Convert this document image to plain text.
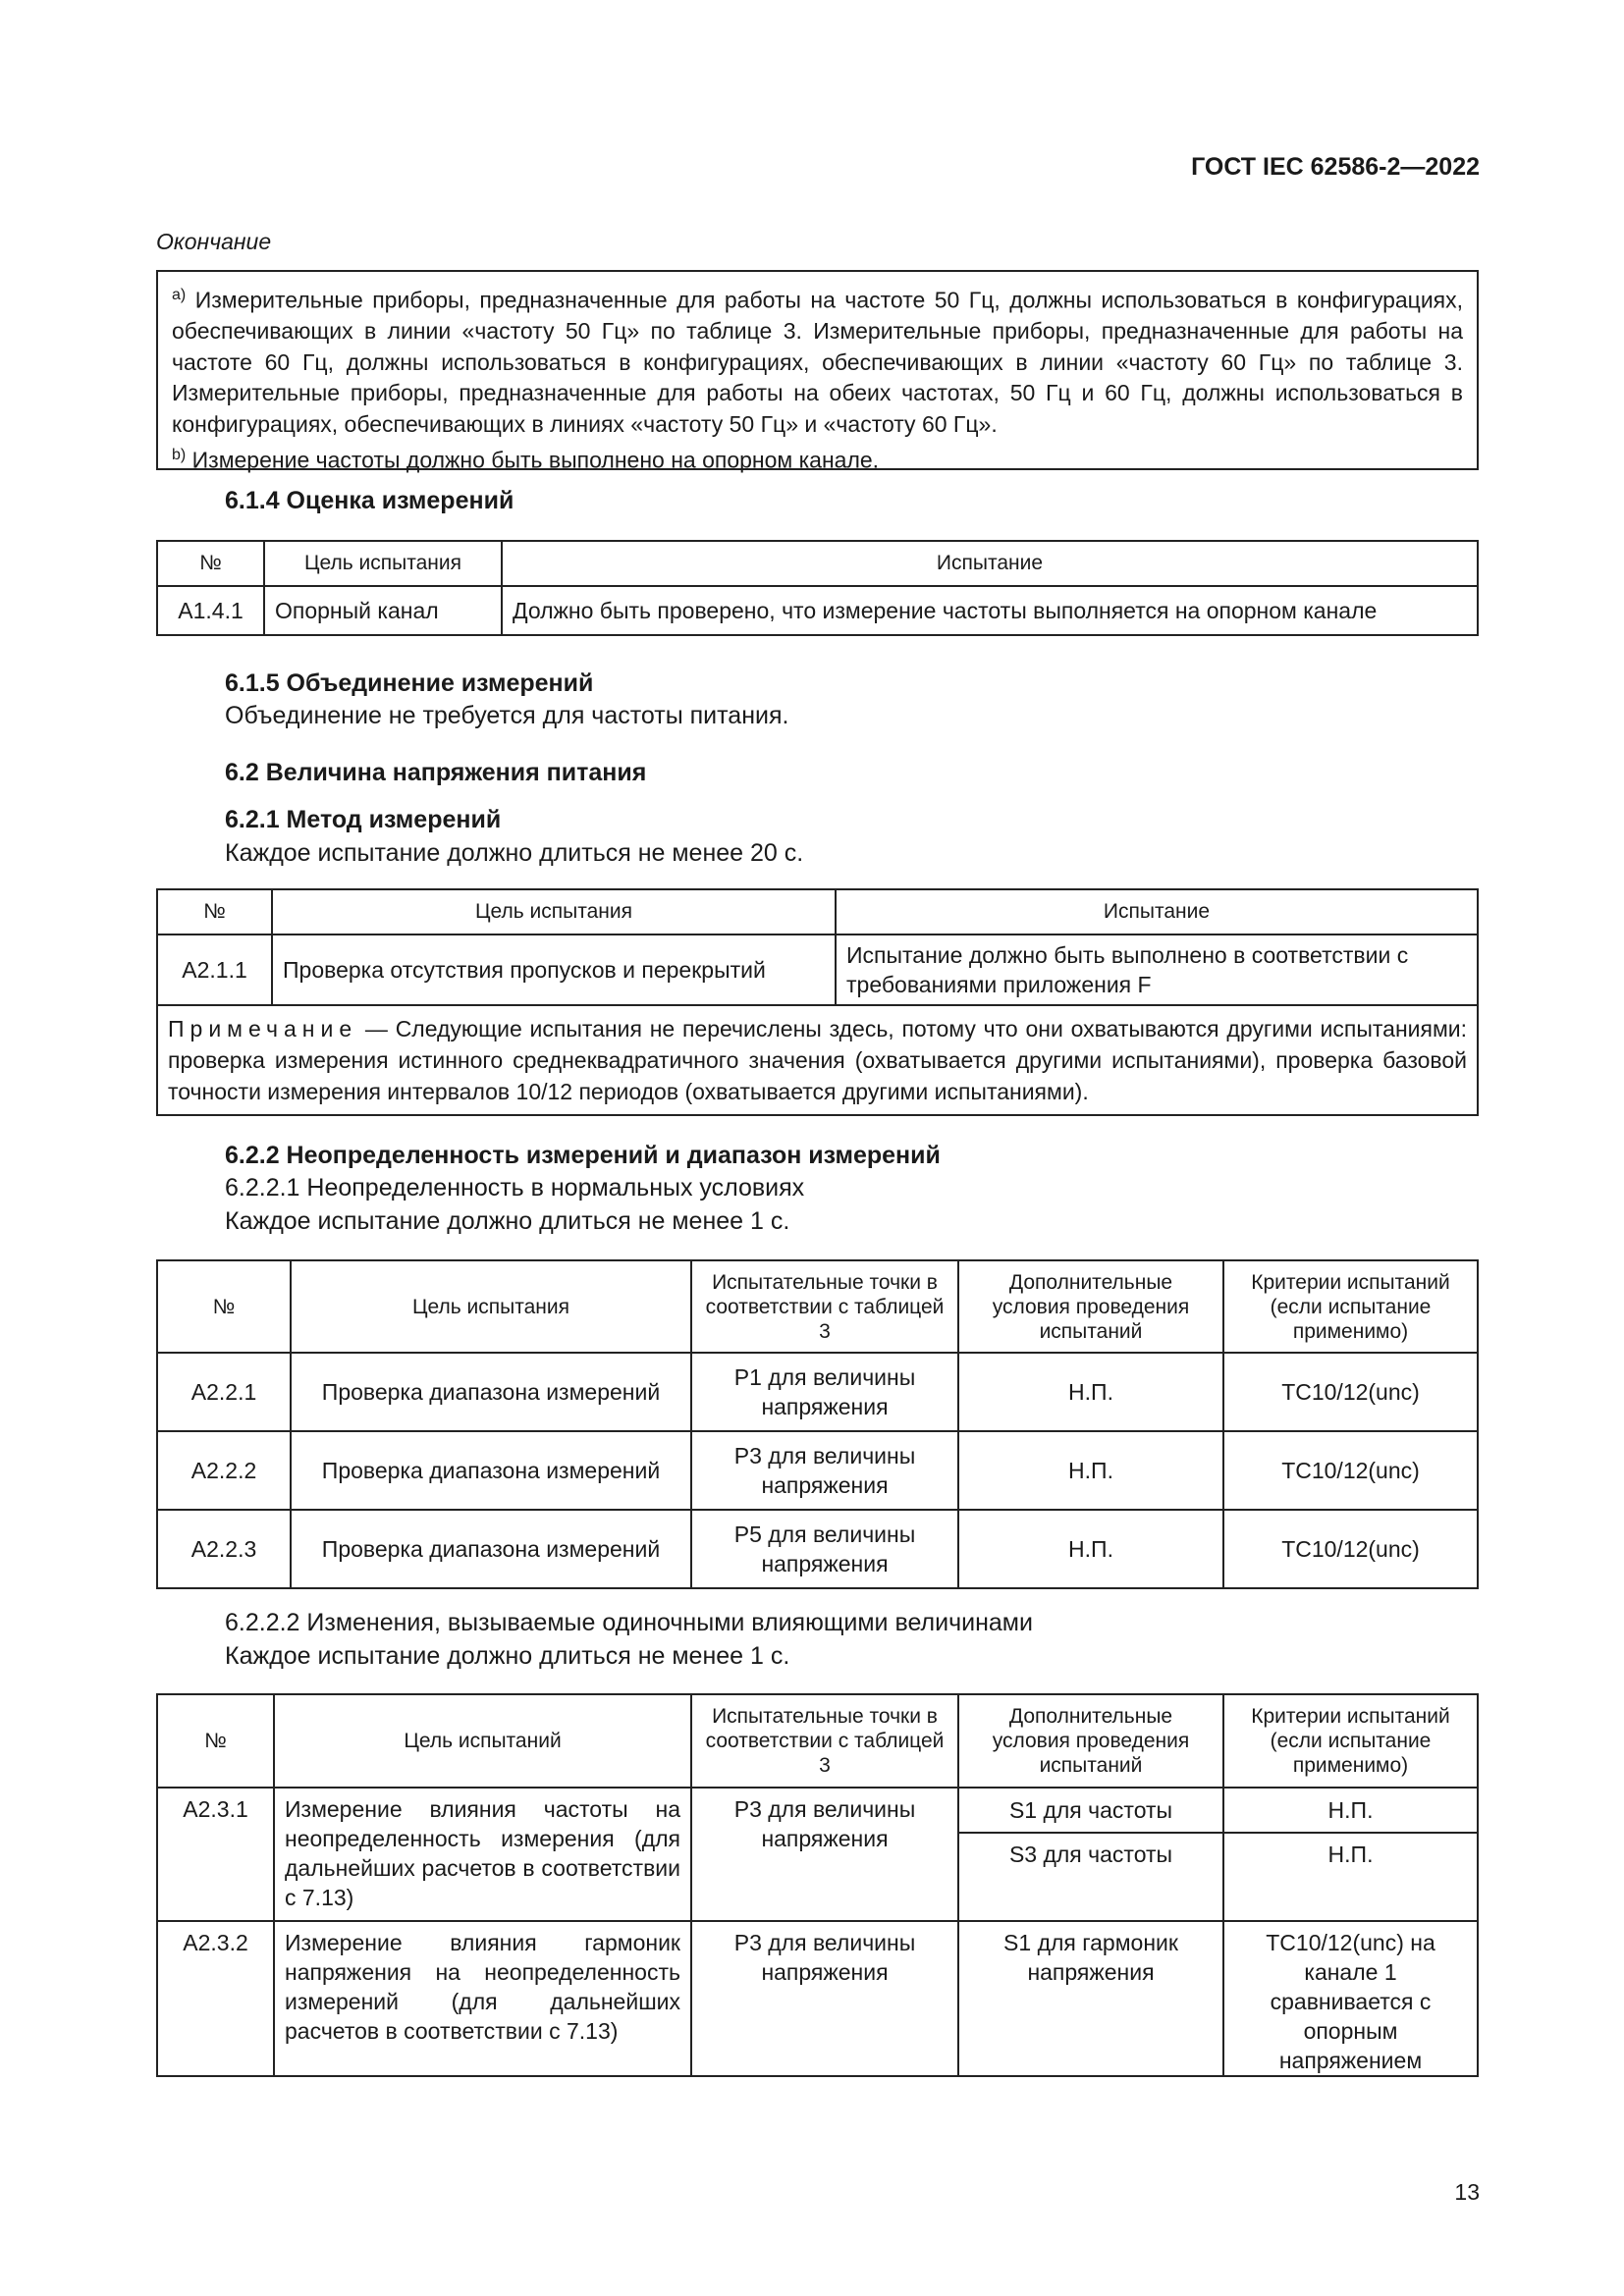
ГОСТ IEC 62586-2—2022
Окончание

$^{a)}$ Измерительные приборы, предназначенные для работы на частоте 50 Гц, должны использоваться в конфигурациях, обеспечивающих в линии «частоту 50 Гц» по таблице 3. Измерительные приборы, предназначенные для работы на частоте 60 Гц, должны использоваться в конфигурациях, обеспечивающих в линии «частоту 60 Гц» по таблице 3. Измерительные приборы, предназначенные для работы на обеих частотах, 50 Гц и 60 Гц, должны использоваться в конфигурациях, обеспечивающих в линиях «частоту 50 Гц» и «частоту 60 Гц».

$^{b)}$ Измерение частоты должно быть выполнено на опорном канале.

6.1.4 Оценка измерений
№	Цель испытания	Испытание
A1.4.1	Опорный канал	Должно быть проверено, что измерение частоты выполняется на опорном канале
6.1.5 Объединение измерений
Объединение не требуется для частоты питания.
6.2 Величина напряжения питания
6.2.1 Метод измерений
Каждое испытание должно длиться не менее 20 с.
№	Цель испытания	Испытание
A2.1.1	Проверка отсутствия пропусков и перекрытий	Испытание должно быть выполнено в соответствии с требованиями приложения F
Примечание — Следующие испытания не перечислены здесь, потому что они охватываются другими испытаниями: проверка измерения истинного среднеквадратичного значения (охватывается другими испытаниями), проверка базовой точности измерения интервалов 10/12 периодов (охватывается другими испытаниями).		
6.2.2 Неопределенность измерений и диапазон измерений
6.2.2.1 Неопределенность в нормальных условиях
Каждое испытание должно длиться не менее 1 с.
№	Цель испытания	Испытательные точки в соответствии с таблицей 3	Дополнительные условия проведения испытаний	Критерии испытаний (если испытание применимо)
A2.2.1	Проверка диапазона измерений	P1 для величины напряжения	Н.П.	TC10/12(unc)
A2.2.2	Проверка диапазона измерений	P3 для величины напряжения	Н.П.	TC10/12(unc)
A2.2.3	Проверка диапазона измерений	P5 для величины напряжения	Н.П.	TC10/12(unc)
6.2.2.2 Изменения, вызываемые одиночными влияющими величинами
Каждое испытание должно длиться не менее 1 с.
№	Цель испытаний	Испытательные точки в соответствии с таблицей 3	Дополнительные условия проведения испытаний	Критерии испытаний (если испытание применимо)
A2.3.1	Измерение влияния частоты на неопределенность измерения (для дальнейших расчетов в соответствии с 7.13)	P3 для величины напряжения	S1 для частоты	Н.П.
			S3 для частоты	Н.П.
A2.3.2	Измерение влияния гармоник напряжения на неопределенность измерений (для дальнейших расчетов в соответствии с 7.13)	P3 для величины напряжения	S1 для гармоник напряжения	TC10/12(unc) на канале 1 сравнивается с опорным напряжением
13
